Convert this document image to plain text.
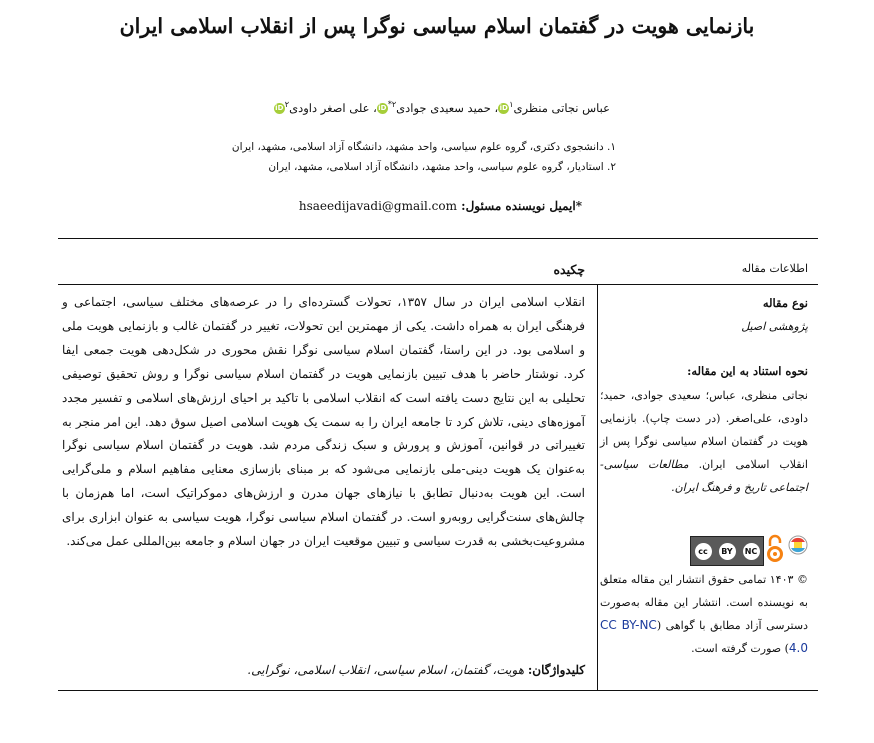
بازنمایی هویت در گفتمان اسلام سیاسی نوگرا پس از انقلاب اسلامی ایران
عباس نجاتی منظری$^۱$iD، حمید سعیدی جوادی$^{۲*}$iD، علی اصغر داودی$^۲$iD
۱. دانشجوی دکتری، گروه علوم سیاسی، واحد مشهد، دانشگاه آزاد اسلامی، مشهد، ایران
۲. استادیار، گروه علوم سیاسی، واحد مشهد، دانشگاه آزاد اسلامی، مشهد، ایران
*ایمیل نویسنده مسئول: hsaeedijavadi@gmail.com
اطلاعات مقاله
چکیده
نوع مقاله
پژوهشی اصیل
نحوه استناد به این مقاله:
نجاتی منظری، عباس؛ سعیدی جوادی، حمید؛ داودی، علی‌اصغر. (در دست چاپ). بازنمایی هویت در گفتمان اسلام سیاسی نوگرا پس از انقلاب اسلامی ایران. مطالعات سیاسی-اجتماعی تاریخ و فرهنگ ایران.
cc	BY	NC
© ۱۴۰۳ تمامی حقوق انتشار این مقاله متعلق به نویسنده است. انتشار این مقاله به‌صورت دسترسی آزاد مطابق با گواهی (CC BY-NC 4.0) صورت گرفته است.
انقلاب اسلامی ایران در سال ۱۳۵۷، تحولات گسترده‌ای را در عرصه‌های مختلف سیاسی، اجتماعی و فرهنگی ایران به همراه داشت. یکی از مهمترین این تحولات، تغییر در گفتمان غالب و بازنمایی هویت ملی و اسلامی بود. در این راستا، گفتمان اسلام سیاسی نوگرا نقش محوری در شکل‌دهی هویت جمعی ایفا کرد. نوشتار حاضر با هدف تبیین بازنمایی هویت در گفتمان اسلام سیاسی نوگرا و روش تحقیق توصیفی تحلیلی به این نتایج دست یافته است که انقلاب اسلامی با تاکید بر احیای ارزش‌های اسلامی و تفسیر مجدد آموزه‌های دینی، تلاش کرد تا جامعه ایران را به سمت یک هویت اسلامی اصیل سوق دهد. این امر منجر به تغییراتی در قوانین، آموزش و پرورش و سبک زندگی مردم شد. هویت در گفتمان اسلام سیاسی نوگرا به‌عنوان یک هویت دینی-ملی بازنمایی می‌شود که بر مبنای بازسازی معنایی مفاهیم اسلام و ملی‌گرایی است. این هویت به‌دنبال تطابق با نیازهای جهان مدرن و ارزش‌های دموکراتیک است، اما هم‌زمان با چالش‌های سنت‌گرایی روبه‌رو است. در گفتمان اسلام سیاسی نوگرا، هویت سیاسی به عنوان ابزاری برای مشروعیت‌بخشی به قدرت سیاسی و تبیین موقعیت ایران در جهان اسلام و جامعه بین‌المللی عمل می‌کند.
کلیدواژگان: هویت، گفتمان، اسلام سیاسی، انقلاب اسلامی، نوگرایی.
